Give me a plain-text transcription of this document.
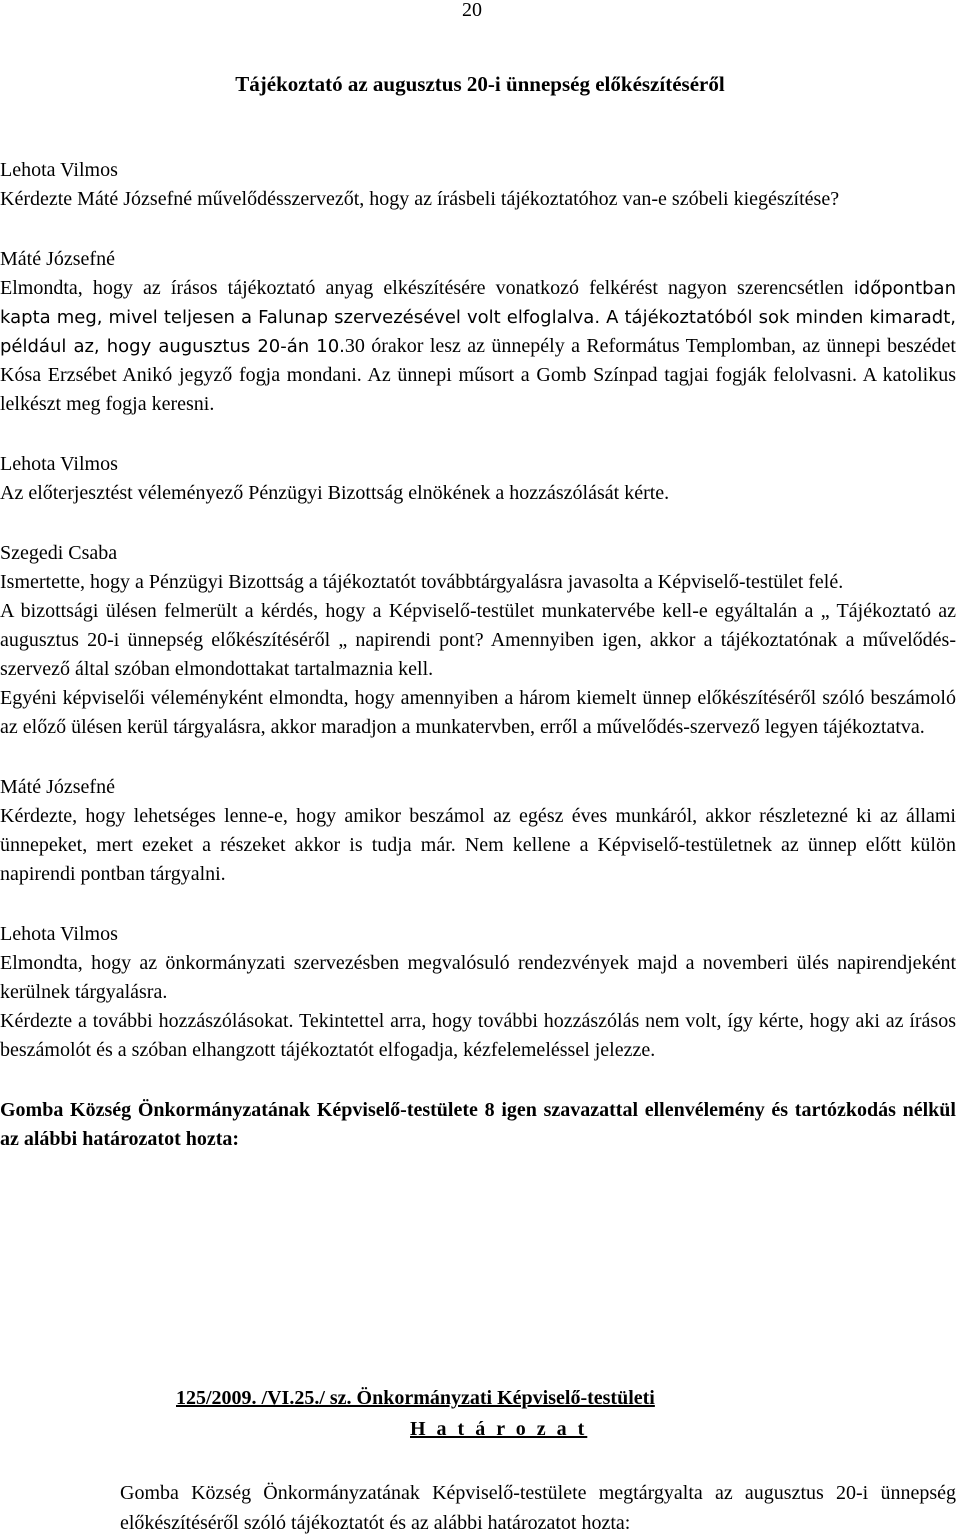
20
Tájékoztató az augusztus 20-i ünnepség előkészítéséről
Lehota Vilmos

Kérdezte Máté Józsefné művelődésszervezőt, hogy az írásbeli tájékoztatóhoz van-e szóbeli kiegészítése?

Máté Józsefné

Elmondta, hogy az írásos tájékoztató anyag elkészítésére vonatkozó felkérést nagyon szerencsétlen időpontban kapta meg, mivel teljesen a Falunap szervezésével volt elfoglalva. A tájékoztatóból sok minden kimaradt, például az, hogy augusztus 20-án 10.30 órakor lesz az ünnepély a Református Templomban, az ünnepi beszédet Kósa Erzsébet Anikó jegyző fogja mondani. Az ünnepi műsort a Gomb Színpad tagjai fogják felolvasni. A katolikus lelkészt meg fogja keresni.

Lehota Vilmos

Az előterjesztést véleményező Pénzügyi Bizottság elnökének a hozzászólását kérte.

Szegedi Csaba

Ismertette, hogy a Pénzügyi Bizottság a tájékoztatót továbbtárgyalásra javasolta a Képviselő-testület felé.

A bizottsági ülésen felmerült a kérdés, hogy a Képviselő-testület munkatervébe kell-e egyáltalán a „ Tájékoztató az augusztus 20-i ünnepség előkészítéséről „ napirendi pont? Amennyiben igen, akkor a tájékoztatónak a művelődés-szervező által szóban elmondottakat tartalmaznia kell.

Egyéni képviselői véleményként elmondta, hogy amennyiben a három kiemelt ünnep előkészítéséről szóló beszámoló az előző ülésen kerül tárgyalásra, akkor maradjon a munkatervben, erről a művelődés-szervező legyen tájékoztatva.

Máté Józsefné

Kérdezte, hogy lehetséges lenne-e, hogy amikor beszámol az egész éves munkáról, akkor részletezné ki az állami ünnepeket, mert ezeket a részeket akkor is tudja már. Nem kellene a Képviselő-testületnek az ünnep előtt külön napirendi pontban tárgyalni.

Lehota Vilmos

Elmondta, hogy az önkormányzati szervezésben megvalósuló rendezvények majd a novemberi ülés napirendjeként kerülnek tárgyalásra.

Kérdezte a további hozzászólásokat. Tekintettel arra, hogy további hozzászólás nem volt, így kérte, hogy aki az írásos beszámolót és a szóban elhangzott tájékoztatót elfogadja, kézfelemeléssel jelezze.

Gomba Község Önkormányzatának Képviselő-testülete 8 igen szavazattal ellenvélemény és tartózkodás nélkül az alábbi határozatot hozta:

125/2009. /VI.25./ sz. Önkormányzati Képviselő-testületi
H a t á r o z a t
Gomba Község Önkormányzatának Képviselő-testülete megtárgyalta az augusztus 20-i ünnepség előkészítéséről szóló tájékoztatót és az alábbi határozatot hozta:
